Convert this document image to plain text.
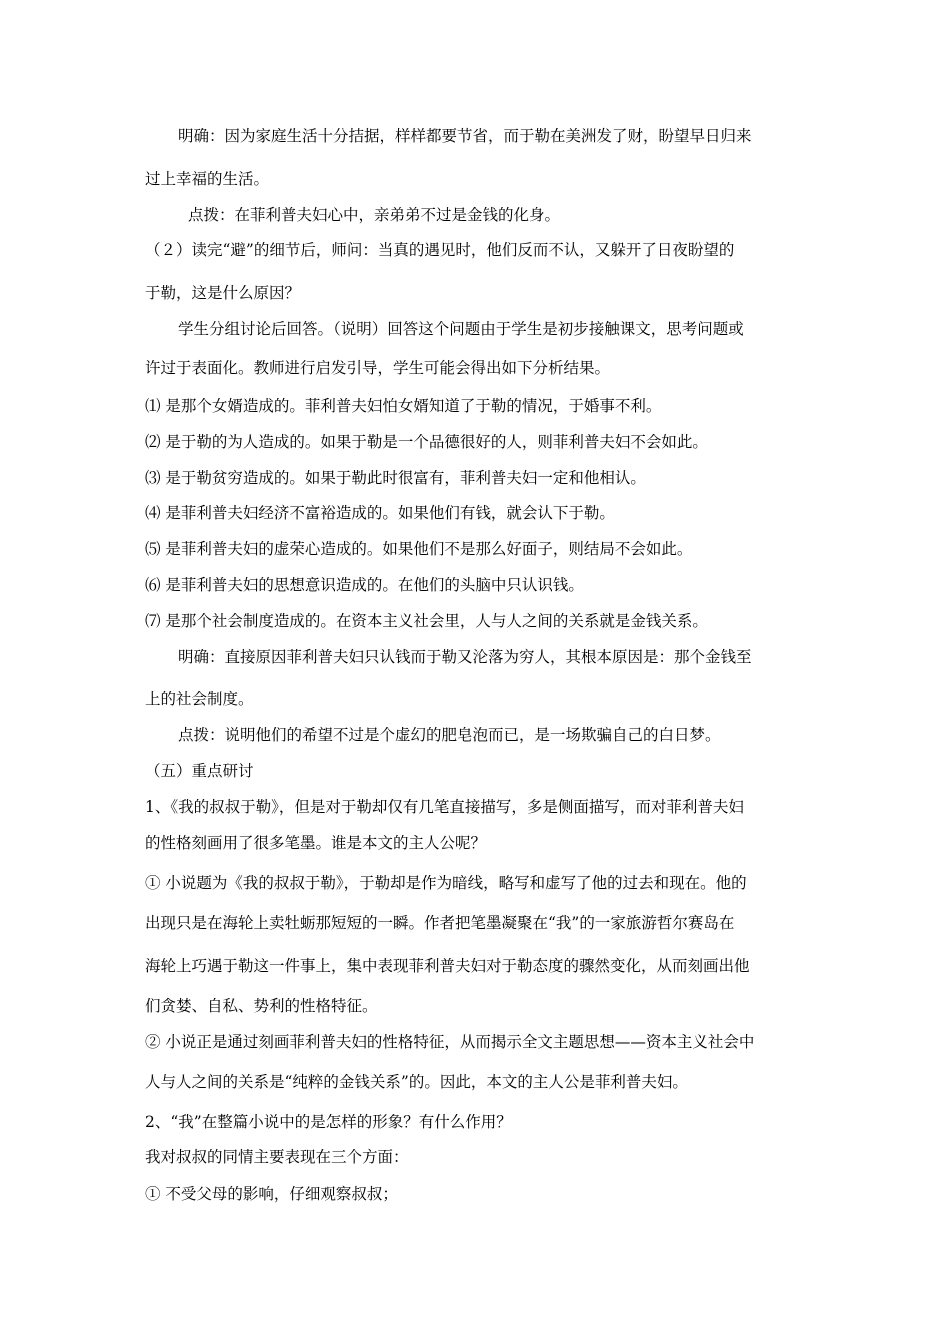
明确：因为家庭生活十分拮据，样样都要节省，而于勒在美洲发了财，盼望早日归来
过上幸福的生活。
点拨：在菲利普夫妇心中，亲弟弟不过是金钱的化身。
（２）读完“避”的细节后，师问：当真的遇见时，他们反而不认，又躲开了日夜盼望的
于勒，这是什么原因？
学生分组讨论后回答。（说明）回答这个问题由于学生是初步接触课文，思考问题或
许过于表面化。教师进行启发引导，学生可能会得出如下分析结果。
⑴ 是那个女婿造成的。菲利普夫妇怕女婿知道了于勒的情况，于婚事不利。
⑵ 是于勒的为人造成的。如果于勒是一个品德很好的人，则菲利普夫妇不会如此。
⑶ 是于勒贫穷造成的。如果于勒此时很富有，菲利普夫妇一定和他相认。
⑷ 是菲利普夫妇经济不富裕造成的。如果他们有钱，就会认下于勒。
⑸ 是菲利普夫妇的虚荣心造成的。如果他们不是那么好面子，则结局不会如此。
⑹ 是菲利普夫妇的思想意识造成的。在他们的头脑中只认识钱。
⑺ 是那个社会制度造成的。在资本主义社会里，人与人之间的关系就是金钱关系。
明确：直接原因菲利普夫妇只认钱而于勒又沦落为穷人，其根本原因是：那个金钱至
上的社会制度。
点拨：说明他们的希望不过是个虚幻的肥皂泡而已，是一场欺骗自己的白日梦。
（五）重点研讨
1、《我的叔叔于勒》，但是对于勒却仅有几笔直接描写，多是侧面描写，而对菲利普夫妇
的性格刻画用了很多笔墨。谁是本文的主人公呢？
① 小说题为《我的叔叔于勒》，于勒却是作为暗线，略写和虚写了他的过去和现在。他的
出现只是在海轮上卖牡蛎那短短的一瞬。作者把笔墨凝聚在“我”的一家旅游哲尔赛岛在
海轮上巧遇于勒这一件事上，集中表现菲利普夫妇对于勒态度的骤然变化，从而刻画出他
们贪婪、自私、势利的性格特征。
② 小说正是通过刻画菲利普夫妇的性格特征，从而揭示全文主题思想——资本主义社会中
人与人之间的关系是“纯粹的金钱关系”的。因此，本文的主人公是菲利普夫妇。
2、“我”在整篇小说中的是怎样的形象？有什么作用？
我对叔叔的同情主要表现在三个方面：
① 不受父母的影响，仔细观察叔叔；
